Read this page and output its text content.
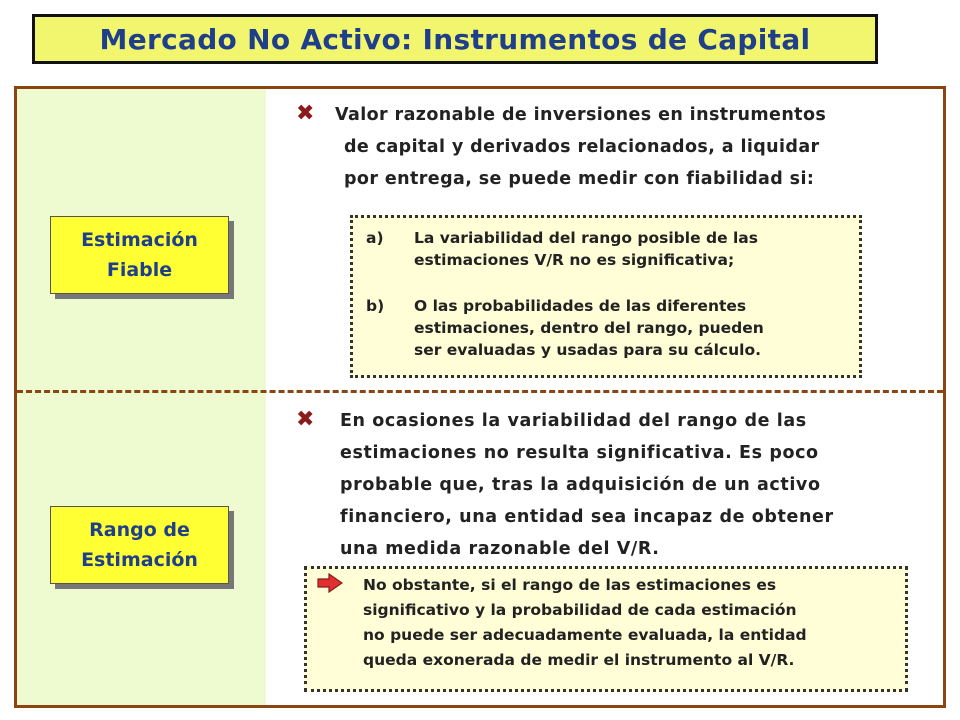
Mercado No Activo: Instrumentos de Capital
Estimación
Fiable
✖ Valor razonable de inversiones en instrumentos
de capital y derivados relacionados, a liquidar
por entrega, se puede medir con fiabilidad si:
a) La variabilidad del rango posible de las
estimaciones V/R no es significativa;
b) O las probabilidades de las diferentes
estimaciones, dentro del rango, pueden
ser evaluadas y usadas para su cálculo.
Rango de
Estimación
✖ En ocasiones la variabilidad del rango de las
estimaciones no resulta significativa. Es poco
probable que, tras la adquisición de un activo
financiero, una entidad sea incapaz de obtener
una medida razonable del V/R.
No obstante, si el rango de las estimaciones es
significativo y la probabilidad de cada estimación
no puede ser adecuadamente evaluada, la entidad
queda exonerada de medir el instrumento al V/R.
